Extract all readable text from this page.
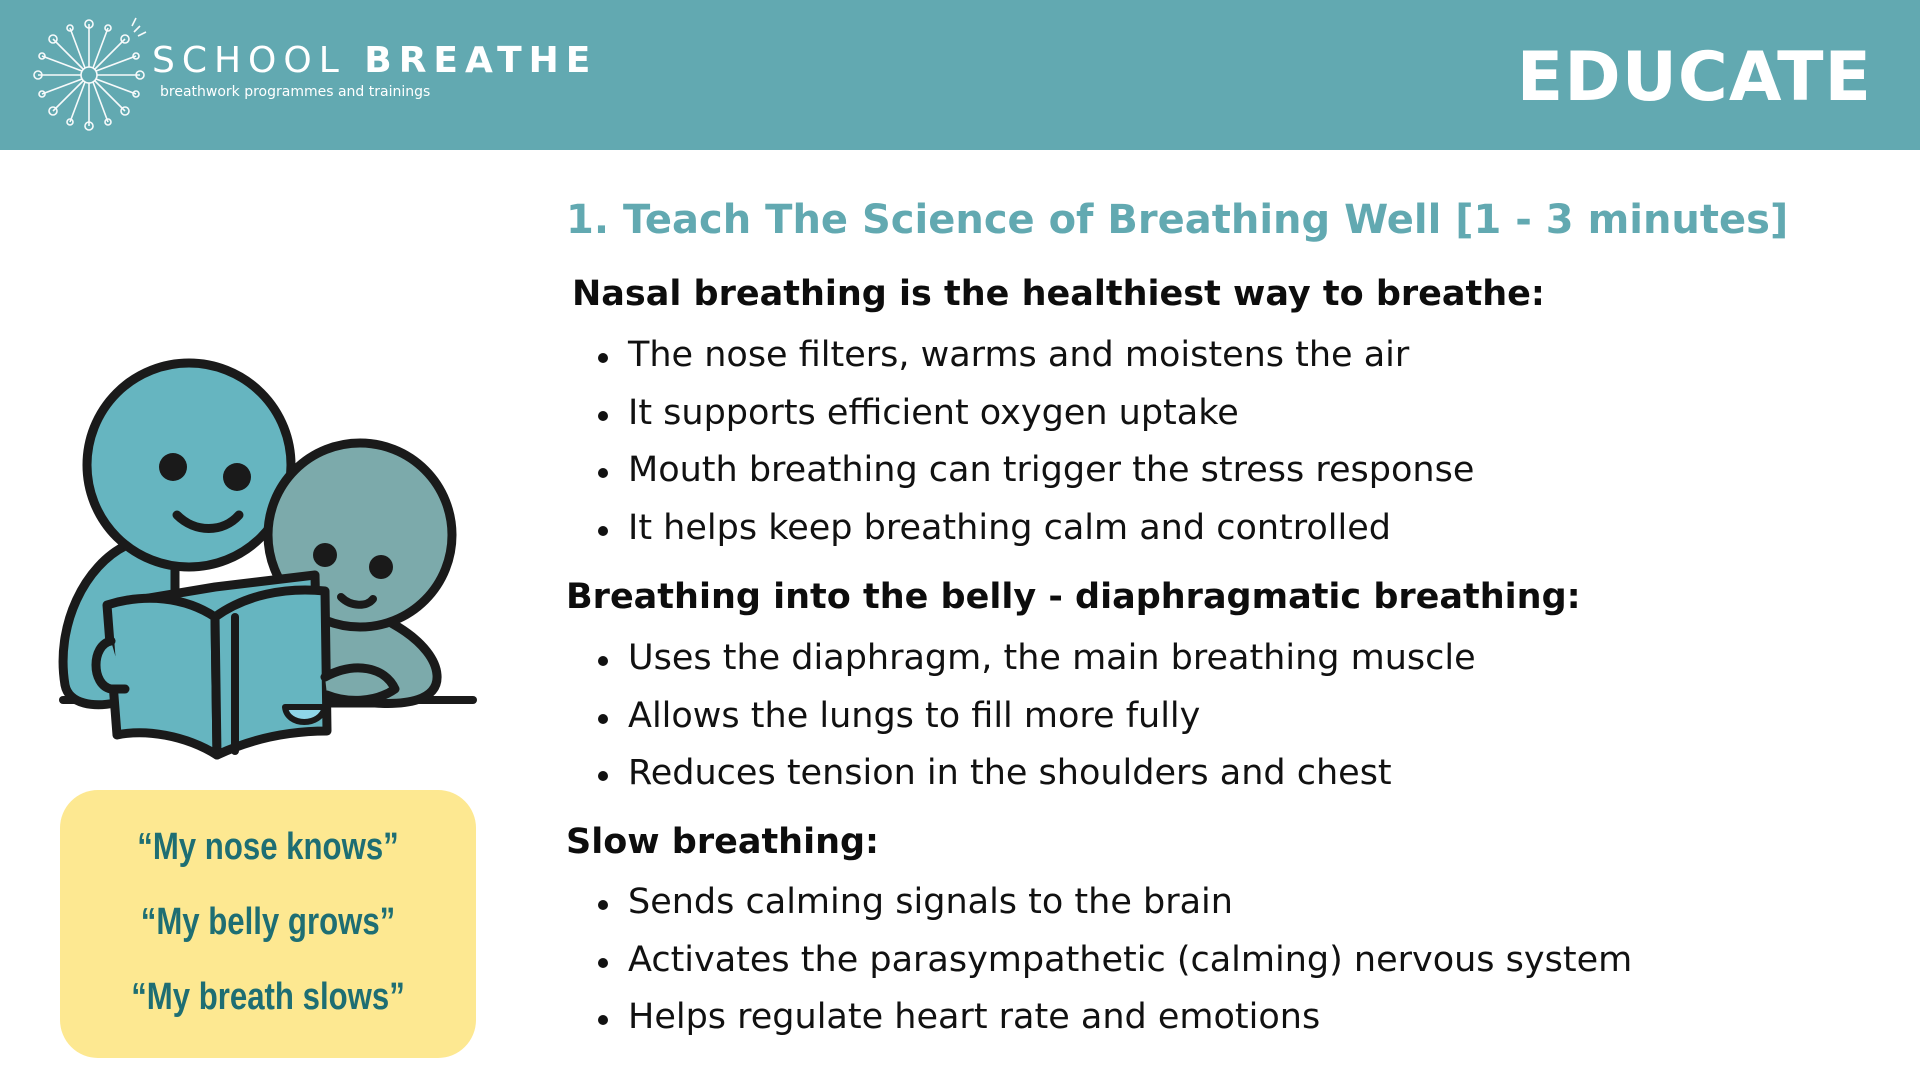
SCHOOL BREATHE
breathwork programmes and trainings	EDUCATE
“My nose knows”
“My belly grows”
“My breath slows”
1. Teach The Science of Breathing Well [1 - 3 minutes]
Nasal breathing is the healthiest way to breathe:
The nose filters, warms and moistens the air
It supports efficient oxygen uptake
Mouth breathing can trigger the stress response
It helps keep breathing calm and controlled
Breathing into the belly - diaphragmatic breathing:
Uses the diaphragm, the main breathing muscle
Allows the lungs to fill more fully
Reduces tension in the shoulders and chest
Slow breathing:
Sends calming signals to the brain
Activates the parasympathetic (calming) nervous system
Helps regulate heart rate and emotions
